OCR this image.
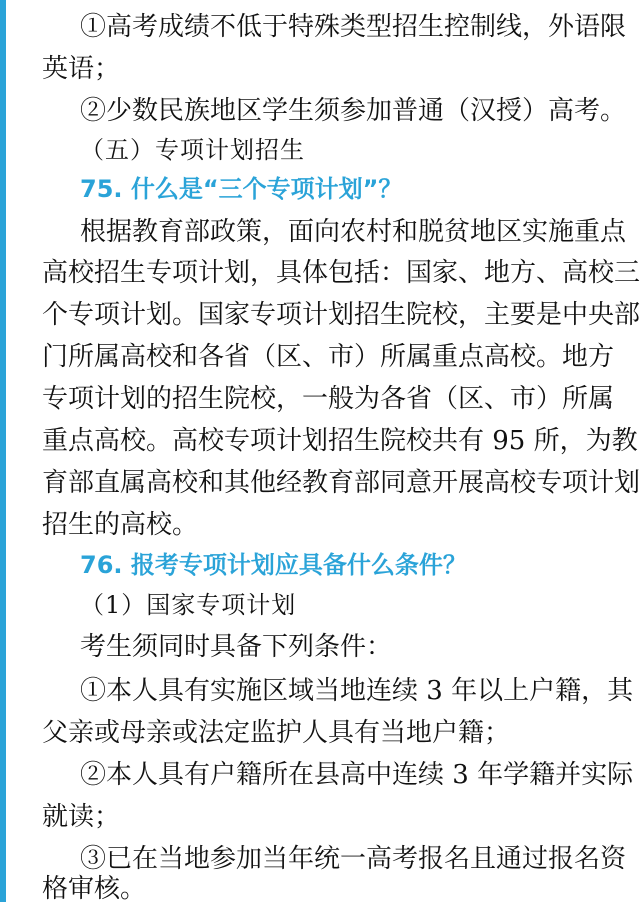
①高考成绩不低于特殊类型招生控制线，外语限
英语；
②少数民族地区学生须参加普通（汉授）高考。
（五）专项计划招生
75. 什么是“三个专项计划”？
根据教育部政策，面向农村和脱贫地区实施重点
高校招生专项计划，具体包括：国家、地方、高校三
个专项计划。国家专项计划招生院校，主要是中央部
门所属高校和各省（区、市）所属重点高校。地方
专项计划的招生院校，一般为各省（区、市）所属
重点高校。高校专项计划招生院校共有 95 所，为教
育部直属高校和其他经教育部同意开展高校专项计划
招生的高校。
76. 报考专项计划应具备什么条件？
（1）国家专项计划
考生须同时具备下列条件：
①本人具有实施区域当地连续 3 年以上户籍，其
父亲或母亲或法定监护人具有当地户籍；
②本人具有户籍所在县高中连续 3 年学籍并实际
就读；
③已在当地参加当年统一高考报名且通过报名资
格审核。
